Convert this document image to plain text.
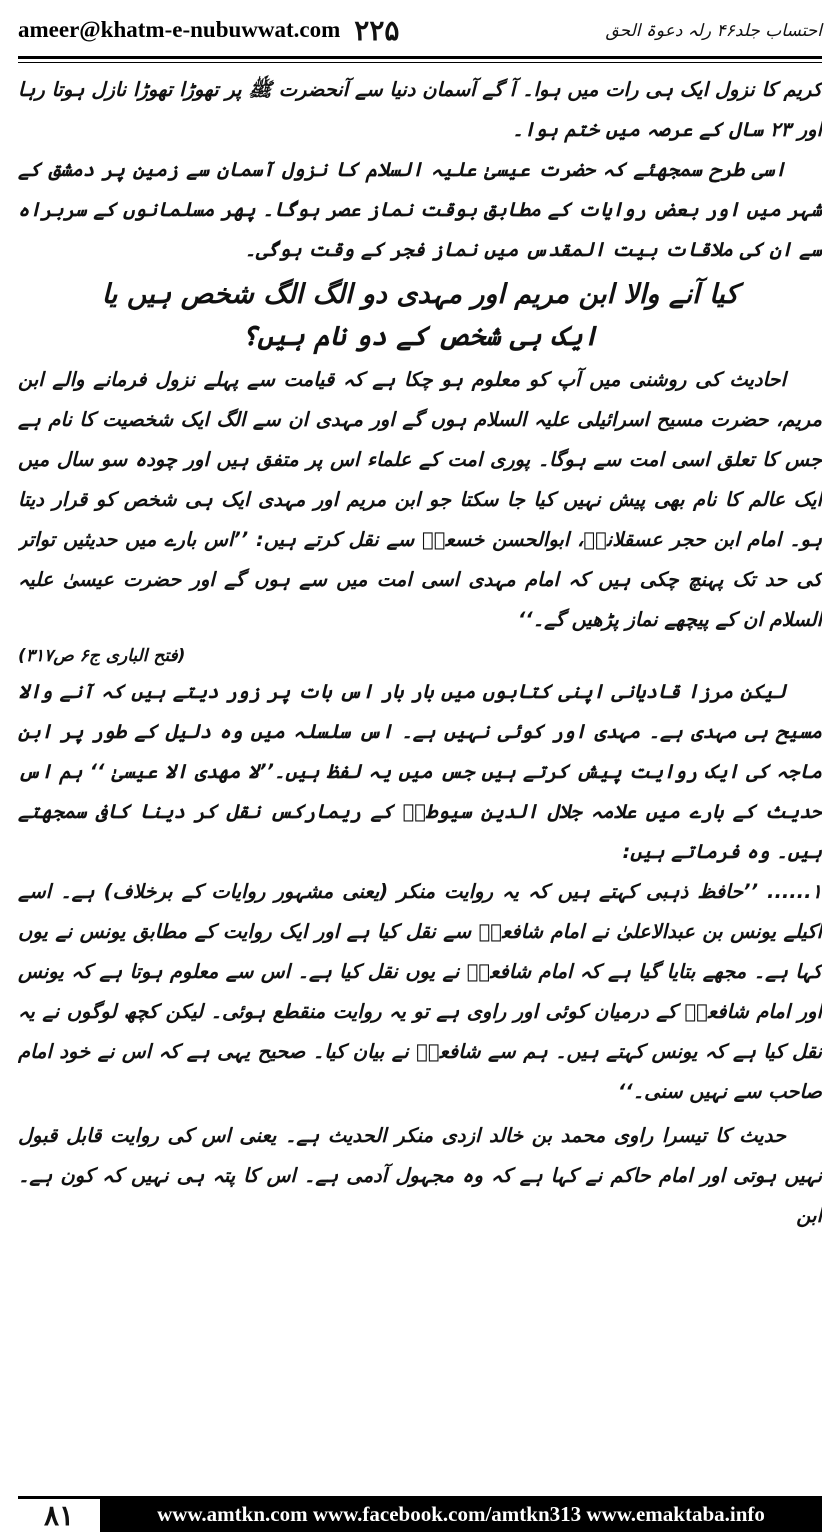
ameer@khatm-e-nubuwwat.com ۲۲۵	احتساب جلد۴۶ رلہ دعوۃ الحق

کریم کا نزول ایک ہی رات میں ہوا۔ آ گے آسمان دنیا سے آنحضرت ﷺ پر تھوڑا تھوڑا نازل ہوتا رہا اور ۲۳ سال کے عرصہ میں ختم ہوا۔

اسی طرح سمجھئے کہ حضرت عیسیٰ علیہ السلام کا نزول آسمان سے زمین پر دمشق کے شہر میں اور بعض روایات کے مطابق بوقت نماز عصر ہوگا۔ پھر مسلمانوں کے سربراہ سے ان کی ملاقات بیت المقدس میں نماز فجر کے وقت ہوگی۔

کیا آنے والا ابن مریم اور مہدی دو الگ الگ شخص ہیں یا
ایک ہی شخص کے دو نام ہیں؟

احادیث کی روشنی میں آپ کو معلوم ہو چکا ہے کہ قیامت سے پہلے نزول فرمانے والے ابن مریم، حضرت مسیح اسرائیلی علیہ السلام ہوں گے اور مہدی ان سے الگ ایک شخصیت کا نام ہے جس کا تعلق اسی امت سے ہوگا۔ پوری امت کے علماء اس پر متفق ہیں اور چودہ سو سال میں ایک عالم کا نام بھی پیش نہیں کیا جا سکتا جو ابن مریم اور مہدی ایک ہی شخص کو قرار دیتا ہو۔ امام ابن حجر عسقلانیؒ، ابوالحسن خسعیؒ سے نقل کرتے ہیں: ’’اس بارے میں حدیثیں تواتر کی حد تک پہنچ چکی ہیں کہ امام مہدی اسی امت میں سے ہوں گے اور حضرت عیسیٰ علیہ السلام ان کے پیچھے نماز پڑھیں گے۔‘‘

(فتح الباری ج۶ ص۳۱۷)

لیکن مرزا قادیانی اپنی کتابوں میں بار بار اس بات پر زور دیتے ہیں کہ آنے والا مسیح ہی مہدی ہے۔ مہدی اور کوئی نہیں ہے۔ اس سلسلہ میں وہ دلیل کے طور پر ابن ماجہ کی ایک روایت پیش کرتے ہیں جس میں یہ لفظ ہیں۔’’لا مھدی الا عیسیٰ ‘‘ ہم اس حدیث کے بارے میں علامہ جلال الدین سیوطیؒ کے ریمارکس نقل کر دینا کافی سمجھتے ہیں۔ وہ فرماتے ہیں:

۱...... ’’حافظ ذہبی کہتے ہیں کہ یہ روایت منکر (یعنی مشہور روایات کے برخلاف) ہے۔ اسے اکیلے یونس بن عبدالاعلیٰ نے امام شافعیؒ سے نقل کیا ہے اور ایک روایت کے مطابق یونس نے یوں کہا ہے۔ مجھے بتایا گیا ہے کہ امام شافعیؒ نے یوں نقل کیا ہے۔ اس سے معلوم ہوتا ہے کہ یونس اور امام شافعیؒ کے درمیان کوئی اور راوی ہے تو یہ روایت منقطع ہوئی۔ لیکن کچھ لوگوں نے یہ نقل کیا ہے کہ یونس کہتے ہیں۔ ہم سے شافعیؒ نے بیان کیا۔ صحیح یہی ہے کہ اس نے خود امام صاحب سے نہیں سنی۔‘‘

حدیث کا تیسرا راوی محمد بن خالد ازدی منکر الحدیث ہے۔ یعنی اس کی روایت قابل قبول نہیں ہوتی اور امام حاکم نے کہا ہے کہ وہ مجہول آدمی ہے۔ اس کا پتہ ہی نہیں کہ کون ہے۔ ابن

۸۱	www.amtkn.com www.facebook.com/amtkn313 www.emaktaba.info
